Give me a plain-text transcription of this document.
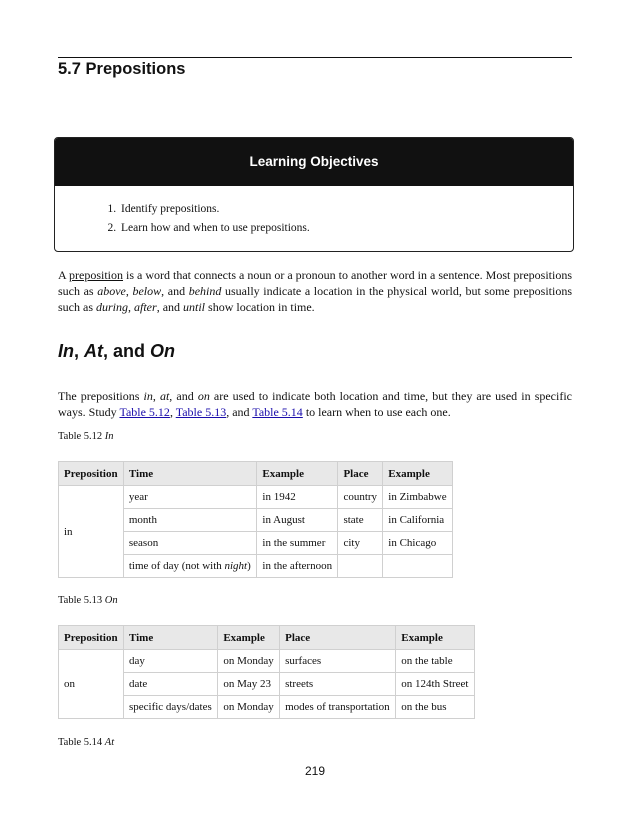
5.7 Prepositions
Learning Objectives
1. Identify prepositions.
2. Learn how and when to use prepositions.

A preposition is a word that connects a noun or a pronoun to another word in a sentence. Most prepositions such as above, below, and behind usually indicate a location in the physical world, but some prepositions such as during, after, and until show location in time.

In, At, and On

The prepositions in, at, and on are used to indicate both location and time, but they are used in specific ways. Study Table 5.12, Table 5.13, and Table 5.14 to learn when to use each one.

Table 5.12 In

Preposition	Time	Example	Place	Example
in	year	in 1942	country	in Zimbabwe
	month	in August	state	in California
	season	in the summer	city	in Chicago
	time of day (not with night)	in the afternoon		

Table 5.13 On

Preposition	Time	Example	Place	Example
on	day	on Monday	surfaces	on the table
	date	on May 23	streets	on 124th Street
	specific days/dates	on Monday	modes of transportation	on the bus

Table 5.14 At

219
